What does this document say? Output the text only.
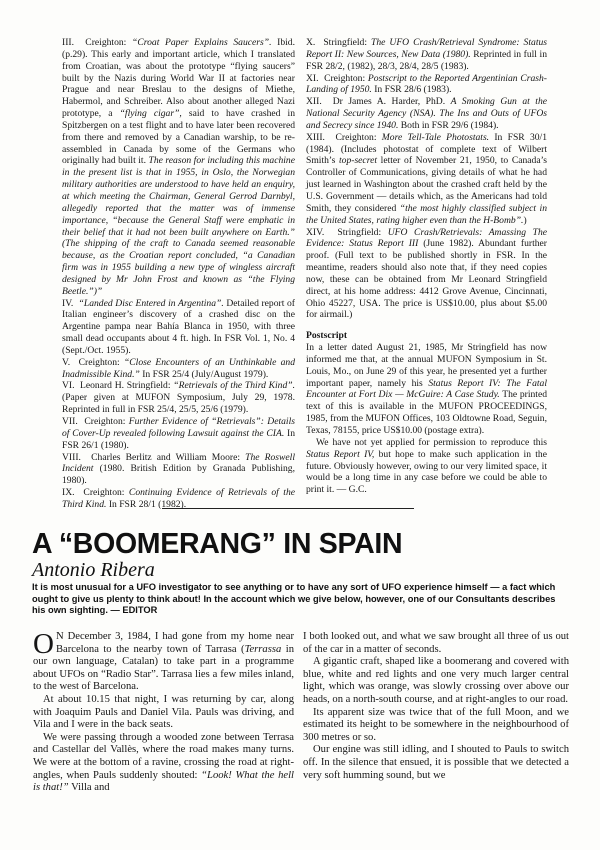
III. Creighton: “Croat Paper Explains Saucers”. Ibid. (p.29). This early and important article, which I translated from Croatian, was about the prototype “flying saucers” built by the Nazis during World War II at factories near Prague and near Breslau to the designs of Miethe, Habermol, and Schreiber. Also about another alleged Nazi prototype, a “flying cigar”, said to have crashed in Spitzbergen on a test flight and to have later been recovered from there and removed by a Canadian warship, to be re-assembled in Canada by some of the Germans who originally had built it. The reason for including this machine in the present list is that in 1955, in Oslo, the Norwegian military authorities are understood to have held an enquiry, at which meeting the Chairman, General Gerrod Darnbyl, allegedly reported that the matter was of immense importance, “because the General Staff were emphatic in their belief that it had not been built anywhere on Earth.” (The shipping of the craft to Canada seemed reasonable because, as the Croatian report concluded, “a Canadian firm was in 1955 building a new type of wingless aircraft designed by Mr John Frost and known as “the Flying Beetle.”)”

IV. “Landed Disc Entered in Argentina”. Detailed report of Italian engineer’s discovery of a crashed disc on the Argentine pampa near Bahía Blanca in 1950, with three small dead occupants about 4 ft. high. In FSR Vol. 1, No. 4 (Sept./Oct. 1955).

V. Creighton: “Close Encounters of an Unthinkable and Inadmissible Kind.” In FSR 25/4 (July/August 1979).

VI. Leonard H. Stringfield: “Retrievals of the Third Kind”. (Paper given at MUFON Symposium, July 29, 1978. Reprinted in full in FSR 25/4, 25/5, 25/6 (1979).

VII. Creighton: Further Evidence of “Retrievals”: Details of Cover-Up revealed following Lawsuit against the CIA. In FSR 26/1 (1980).

VIII. Charles Berlitz and William Moore: The Roswell Incident (1980. British Edition by Granada Publishing, 1980).

IX. Creighton: Continuing Evidence of Retrievals of the Third Kind. In FSR 28/1 (1982).

X. Stringfield: The UFO Crash/Retrieval Syndrome: Status Report II: New Sources, New Data (1980). Reprinted in full in FSR 28/2, (1982), 28/3, 28/4, 28/5 (1983).

XI. Creighton: Postscript to the Reported Argentinian Crash-Landing of 1950. In FSR 28/6 (1983).

XII. Dr James A. Harder, PhD. A Smoking Gun at the National Security Agency (NSA). The Ins and Outs of UFOs and Secrecy since 1940. Both in FSR 29/6 (1984).

XIII. Creighton: More Tell-Tale Photostats. In FSR 30/1 (1984). (Includes photostat of complete text of Wilbert Smith’s top-secret letter of November 21, 1950, to Canada’s Controller of Communications, giving details of what he had just learned in Washington about the crashed craft held by the U.S. Government — details which, as the Americans had told Smith, they considered “the most highly classified subject in the United States, rating higher even than the H-Bomb”.)

XIV. Stringfield: UFO Crash/Retrievals: Amassing The Evidence: Status Report III (June 1982). Abundant further proof. (Full text to be published shortly in FSR. In the meantime, readers should also note that, if they need copies now, these can be obtained from Mr Leonard Stringfield direct, at his home address: 4412 Grove Avenue, Cincinnati, Ohio 45227, USA. The price is US$10.00, plus about $5.00 for airmail.)

Postscript

In a letter dated August 21, 1985, Mr Stringfield has now informed me that, at the annual MUFON Symposium in St. Louis, Mo., on June 29 of this year, he presented yet a further important paper, namely his Status Report IV: The Fatal Encounter at Fort Dix — McGuire: A Case Study. The printed text of this is available in the MUFON PROCEEDINGS, 1985, from the MUFON Offices, 103 Oldtowne Road, Seguin, Texas, 78155, price US$10.00 (postage extra).

We have not yet applied for permission to reproduce this Status Report IV, but hope to make such application in the future. Obviously however, owing to our very limited space, it would be a long time in any case before we could be able to print it. — G.C.

A “BOOMERANG” IN SPAIN
Antonio Ribera
It is most unusual for a UFO investigator to see anything or to have any sort of UFO experience himself — a fact which ought to give us plenty to think about! In the account which we give below, however, one of our Consultants describes his own sighting. — EDITOR

O N December 3, 1984, I had gone from my home near Barcelona to the nearby town of Tarrasa (Terrassa in our own language, Catalan) to take part in a programme about UFOs on “Radio Star”. Tarrasa lies a few miles inland, to the west of Barcelona.

At about 10.15 that night, I was returning by car, along with Joaquim Pauls and Daniel Vila. Pauls was driving, and Vila and I were in the back seats.

We were passing through a wooded zone between Terrasa and Castellar del Vallès, where the road makes many turns. We were at the bottom of a ravine, crossing the road at right-angles, when Pauls suddenly shouted: “Look! What the hell is that!” Villa and

I both looked out, and what we saw brought all three of us out of the car in a matter of seconds.

A gigantic craft, shaped like a boomerang and covered with blue, white and red lights and one very much larger central light, which was orange, was slowly crossing over above our heads, on a north-south course, and at right-angles to our road.

Its apparent size was twice that of the full Moon, and we estimated its height to be somewhere in the neighbourhood of 300 metres or so.

Our engine was still idling, and I shouted to Pauls to switch off. In the silence that ensued, it is possible that we detected a very soft humming sound, but we
